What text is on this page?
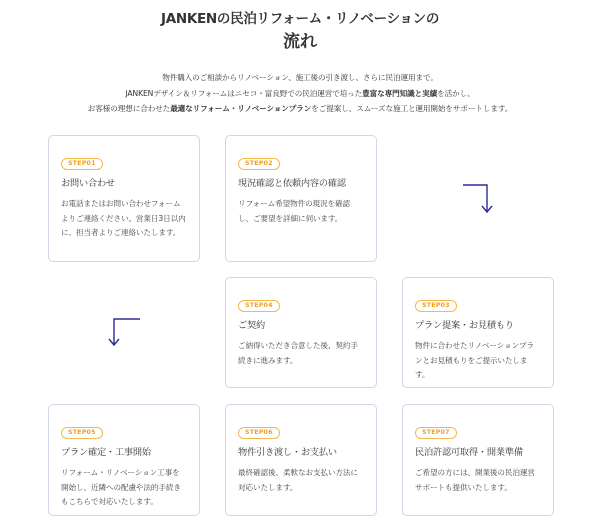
JANKENの民泊リフォーム・リノベーションの
流れ
物件購入のご相談からリノベーション、施工後の引き渡し、さらに民泊運用まで。
JANKENデザイン＆リフォームはニセコ・富良野での民泊運営で培った豊富な専門知識と実績を活かし、
お客様の理想に合わせた最適なリフォーム・リノベーションプランをご提案し、スムーズな施工と運用開始をサポートします。
STEP01
お問い合わせ

お電話またはお問い合わせフォームよりご連絡ください。営業日3日以内に、担当者よりご連絡いたします。

STEP02
現況確認と依頼内容の確認

リフォーム希望物件の現況を確認し、ご要望を詳細に伺います。

STEP04
ご契約

ご納得いただき合意した後、契約手続きに進みます。

STEP03
プラン提案・お見積もり

物件に合わせたリノベーションプランとお見積もりをご提示いたします。

STEP05
プラン確定・工事開始

リフォーム・リノベーション工事を開始し、近隣への配慮や法的手続きもこちらで対応いたします。

STEP06
物件引き渡し・お支払い

最終確認後、柔軟なお支払い方法に対応いたします。

STEP07
民泊許認可取得・開業準備

ご希望の方には、開業後の民泊運営サポートも提供いたします。
